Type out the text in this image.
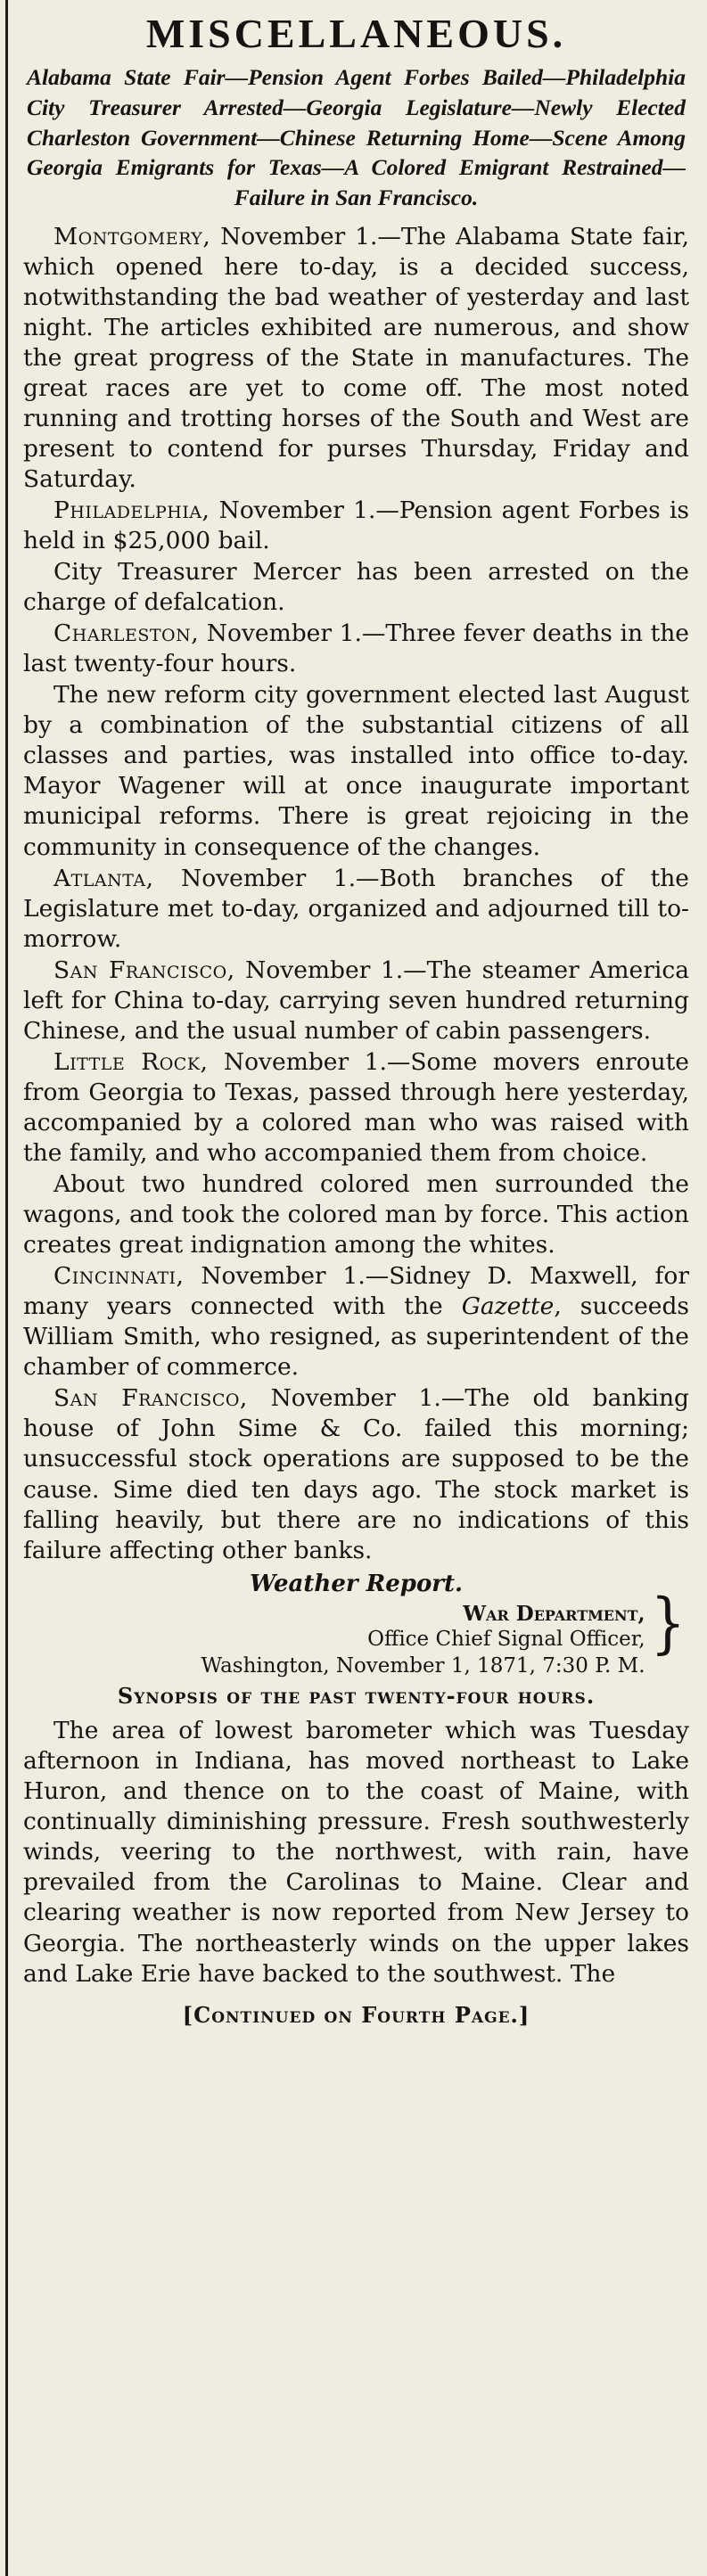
MISCELLANEOUS.
Alabama State Fair—Pension Agent Forbes Bailed—Philadelphia City Treasurer Arrested—Georgia Legislature—Newly Elected Charleston Government—Chinese Returning Home—Scene Among Georgia Emigrants for Texas—A Colored Emigrant Restrained—Failure in San Francisco.

Montgomery, November 1.—The Alabama State fair, which opened here to-day, is a decided success, notwithstanding the bad weather of yesterday and last night. The articles exhibited are numerous, and show the great progress of the State in manufactures. The great races are yet to come off. The most noted running and trotting horses of the South and West are present to contend for purses Thursday, Friday and Saturday.

Philadelphia, November 1.—Pension agent Forbes is held in $25,000 bail.

City Treasurer Mercer has been arrested on the charge of defalcation.

Charleston, November 1.—Three fever deaths in the last twenty-four hours.

The new reform city government elected last August by a combination of the substantial citizens of all classes and parties, was installed into office to-day. Mayor Wagener will at once inaugurate important municipal reforms. There is great rejoicing in the community in consequence of the changes.

Atlanta, November 1.—Both branches of the Legislature met to-day, organized and adjourned till to-morrow.

San Francisco, November 1.—The steamer America left for China to-day, carrying seven hundred returning Chinese, and the usual number of cabin passengers.

Little Rock, November 1.—Some movers enroute from Georgia to Texas, passed through here yesterday, accompanied by a colored man who was raised with the family, and who accompanied them from choice.

About two hundred colored men surrounded the wagons, and took the colored man by force. This action creates great indignation among the whites.

Cincinnati, November 1.—Sidney D. Maxwell, for many years connected with the Gazette, succeeds William Smith, who resigned, as superintendent of the chamber of commerce.

San Francisco, November 1.—The old banking house of John Sime & Co. failed this morning; unsuccessful stock operations are supposed to be the cause. Sime died ten days ago. The stock market is falling heavily, but there are no indications of this failure affecting other banks.

Weather Report.
War Department,
Office Chief Signal Officer,
Washington, November 1, 1871, 7:30 P. M.
}
Synopsis of the past twenty-four hours.

The area of lowest barometer which was Tuesday afternoon in Indiana, has moved northeast to Lake Huron, and thence on to the coast of Maine, with continually diminishing pressure. Fresh southwesterly winds, veering to the northwest, with rain, have prevailed from the Carolinas to Maine. Clear and clearing weather is now reported from New Jersey to Georgia. The northeasterly winds on the upper lakes and Lake Erie have backed to the southwest. The

[Continued on Fourth Page.]
